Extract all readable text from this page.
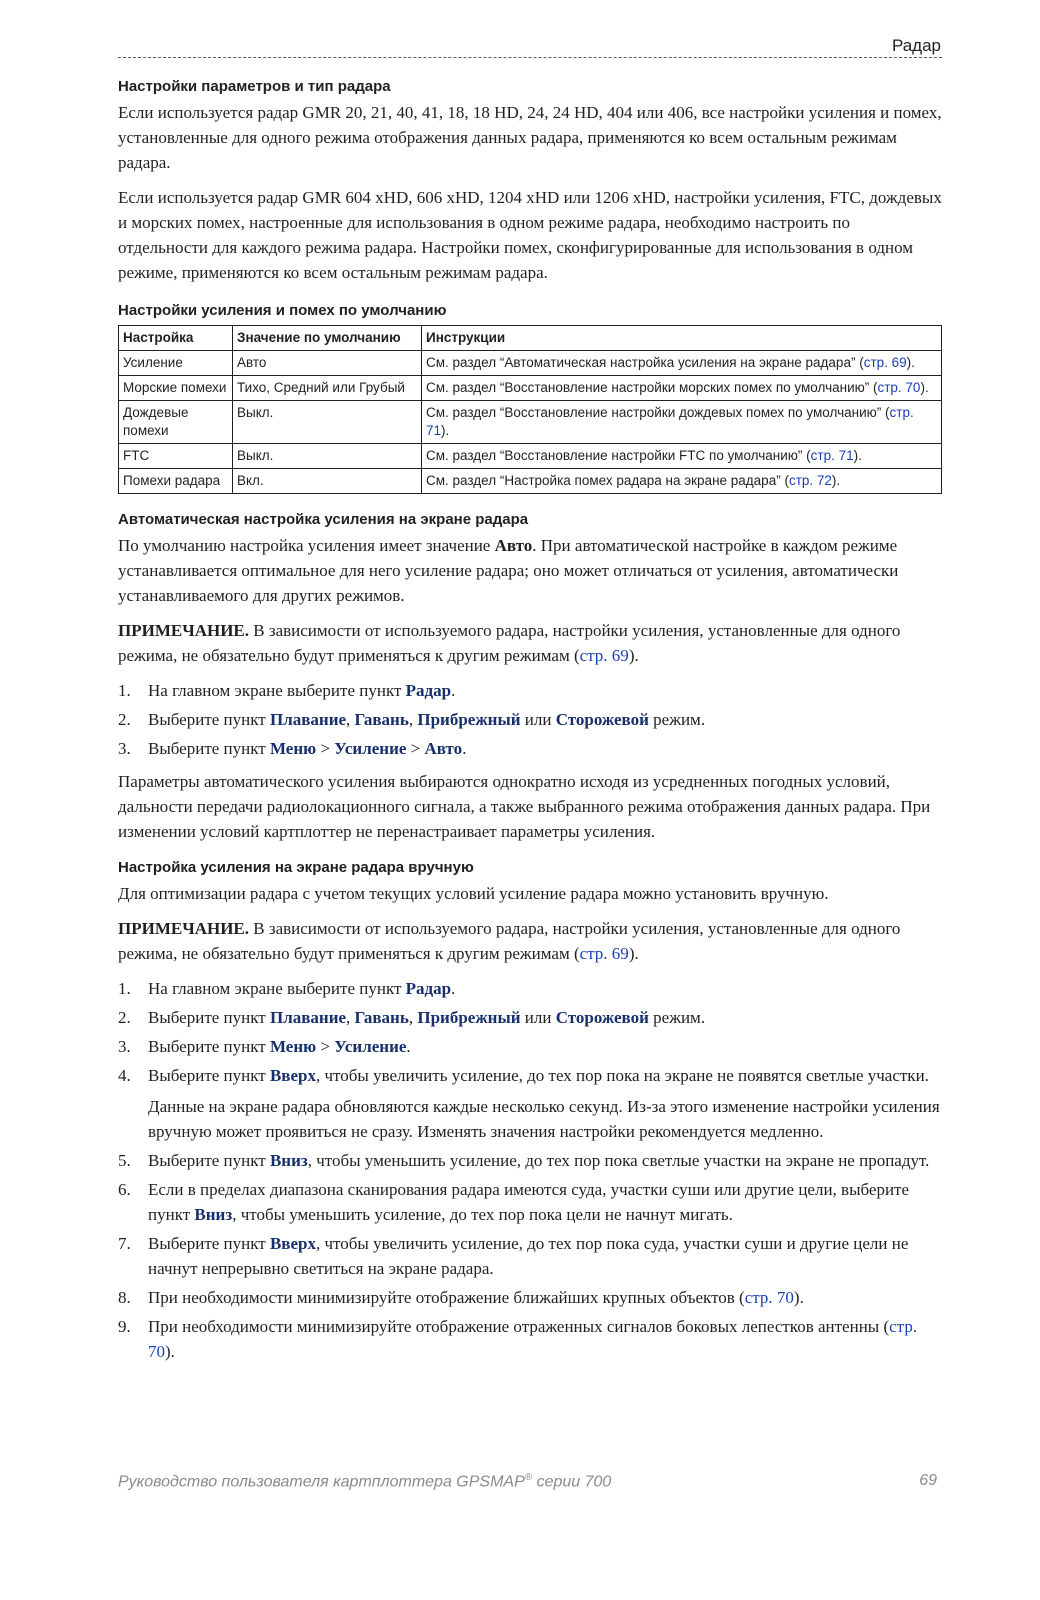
Радар
Настройки параметров и тип радара

Если используется радар GMR 20, 21, 40, 41, 18, 18 HD, 24, 24 HD, 404 или 406, все настройки усиления и помех, установленные для одного режима отображения данных радара, применяются ко всем остальным режимам радара.

Если используется радар GMR 604 xHD, 606 xHD, 1204 xHD или 1206 xHD, настройки усиления, FTC, дождевых и морских помех, настроенные для использования в одном режиме радара, необходимо настроить по отдельности для каждого режима радара. Настройки помех, сконфигурированные для использования в одном режиме, применяются ко всем остальным режимам радара.

Настройки усиления и помех по умолчанию
Настройка	Значение по умолчанию	Инструкции
Усиление	Авто	См. раздел “Автоматическая настройка усиления на экране радара” (стр. 69).
Морские помехи	Тихо, Средний или Грубый	См. раздел “Восстановление настройки морских помех по умолчанию” (стр. 70).
Дождевые помехи	Выкл.	См. раздел “Восстановление настройки дождевых помех по умолчанию” (стр. 71).
FTC	Выкл.	См. раздел “Восстановление настройки FTC по умолчанию” (стр. 71).
Помехи радара	Вкл.	См. раздел “Настройка помех радара на экране радара” (стр. 72).
Автоматическая настройка усиления на экране радара

По умолчанию настройка усиления имеет значение Авто. При автоматической настройке в каждом режиме устанавливается оптимальное для него усиление радара; оно может отличаться от усиления, автоматически устанавливаемого для других режимов.

ПРИМЕЧАНИЕ. В зависимости от используемого радара, настройки усиления, установленные для одного режима, не обязательно будут применяться к другим режимам (стр. 69).

1. На главном экране выберите пункт Радар.
2. Выберите пункт Плавание, Гавань, Прибрежный или Сторожевой режим.
3. Выберите пункт Меню > Усиление > Авто.

Параметры автоматического усиления выбираются однократно исходя из усредненных погодных условий, дальности передачи радиолокационного сигнала, а также выбранного режима отображения данных радара. При изменении условий картплоттер не перенастраивает параметры усиления.

Настройка усиления на экране радара вручную

Для оптимизации радара с учетом текущих условий усиление радара можно установить вручную.

ПРИМЕЧАНИЕ. В зависимости от используемого радара, настройки усиления, установленные для одного режима, не обязательно будут применяться к другим режимам (стр. 69).

1. На главном экране выберите пункт Радар.
2. Выберите пункт Плавание, Гавань, Прибрежный или Сторожевой режим.
3. Выберите пункт Меню > Усиление.
4. Выберите пункт Вверх, чтобы увеличить усиление, до тех пор пока на экране не появятся светлые участки.
Данные на экране радара обновляются каждые несколько секунд. Из-за этого изменение настройки усиления вручную может проявиться не сразу. Изменять значения настройки рекомендуется медленно.
5. Выберите пункт Вниз, чтобы уменьшить усиление, до тех пор пока светлые участки на экране не пропадут.
6. Если в пределах диапазона сканирования радара имеются суда, участки суши или другие цели, выберите пункт Вниз, чтобы уменьшить усиление, до тех пор пока цели не начнут мигать.
7. Выберите пункт Вверх, чтобы увеличить усиление, до тех пор пока суда, участки суши и другие цели не начнут непрерывно светиться на экране радара.
8. При необходимости минимизируйте отображение ближайших крупных объектов (стр. 70).
9. При необходимости минимизируйте отображение отраженных сигналов боковых лепестков антенны (стр. 70).
Руководство пользователя картплоттера GPSMAP® серии 700	69
